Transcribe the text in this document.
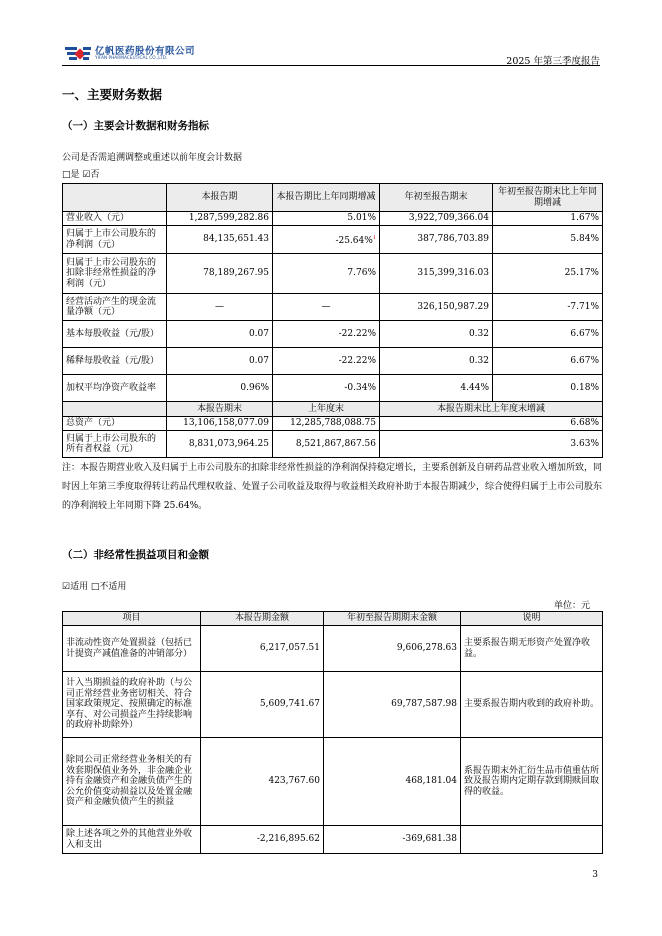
亿帆医药股份有限公司
YIFAN PHARMACEUTICAL CO.,LTD.	2025 年第三季度报告
一、主要财务数据
（一）主要会计数据和财务指标
公司是否需追溯调整或重述以前年度会计数据
□是 ☑否
	本报告期	本报告期比上年同期增减	年初至报告期末	年初至报告期末比上年同期增减
营业收入（元）	1,287,599,282.86	5.01%	3,922,709,366.04	1.67%
归属于上市公司股东的净利润（元）	84,135,651.43	-25.64%$^1$	387,786,703.89	5.84%
归属于上市公司股东的扣除非经常性损益的净利润（元）	78,189,267.95	7.76%	315,399,316.03	25.17%
经营活动产生的现金流量净额（元）	—	—	326,150,987.29	-7.71%
基本每股收益（元/股）	0.07	-22.22%	0.32	6.67%
稀释每股收益（元/股）	0.07	-22.22%	0.32	6.67%
加权平均净资产收益率	0.96%	-0.34%	4.44%	0.18%
	本报告期末	上年度末	本报告期末比上年度末增减	
总资产（元）	13,106,158,077.09	12,285,788,088.75	6.68%	
归属于上市公司股东的所有者权益（元）	8,831,073,964.25	8,521,867,867.56	3.63%	
注：本报告期营业收入及归属于上市公司股东的扣除非经常性损益的净利润保持稳定增长，主要系创新及自研药品营业收入增加所致，同时因上年第三季度取得转让药品代理权收益、处置子公司收益及取得与收益相关政府补助于本报告期减少，综合使得归属于上市公司股东的净利润较上年同期下降 25.64%。
（二）非经常性损益项目和金额
☑适用 □不适用
单位：元
项目	本报告期金额	年初至报告期期末金额	说明
非流动性资产处置损益（包括已计提资产减值准备的冲销部分）	6,217,057.51	9,606,278.63	主要系报告期无形资产处置净收益。
计入当期损益的政府补助（与公司正常经营业务密切相关、符合国家政策规定、按照确定的标准享有、对公司损益产生持续影响的政府补助除外）	5,609,741.67	69,787,587.98	主要系报告期内收到的政府补助。
除同公司正常经营业务相关的有效套期保值业务外，非金融企业持有金融资产和金融负债产生的公允价值变动损益以及处置金融资产和金融负债产生的损益	423,767.60	468,181.04	系报告期末外汇衍生品市值重估所致及报告期内定期存款到期赎回取得的收益。
除上述各项之外的其他营业外收入和支出	-2,216,895.62	-369,681.38	
3
